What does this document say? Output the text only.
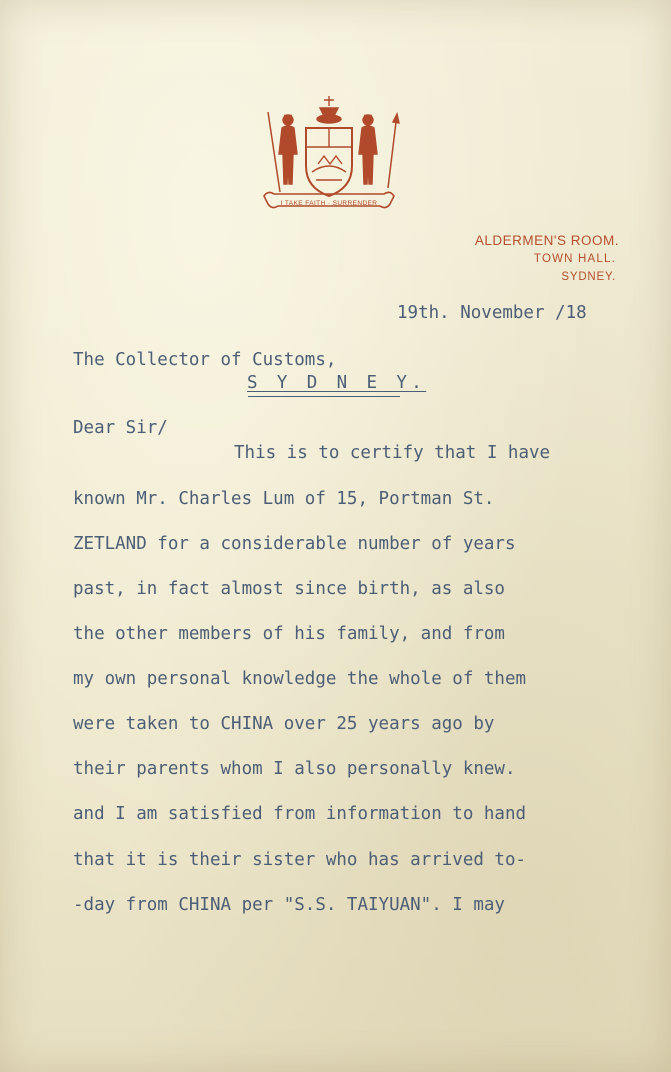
I TAKE FAITH · SURRENDER
ALDERMEN'S ROOM.
TOWN HALL.
SYDNEY.
19th. November /18
The Collector of Customs,
S Y D N E Y.
Dear Sir/
This is to certify that I have
known Mr. Charles Lum of 15, Portman St.
ZETLAND for a considerable number of years
past, in fact almost since birth, as also
the other members of his family, and from
my own personal knowledge the whole of them
were taken to CHINA over 25 years ago by
their parents whom I also personally knew.
and I am satisfied from information to hand
that it is their sister who has arrived to-
-day from CHINA per "S.S. TAIYUAN". I may
